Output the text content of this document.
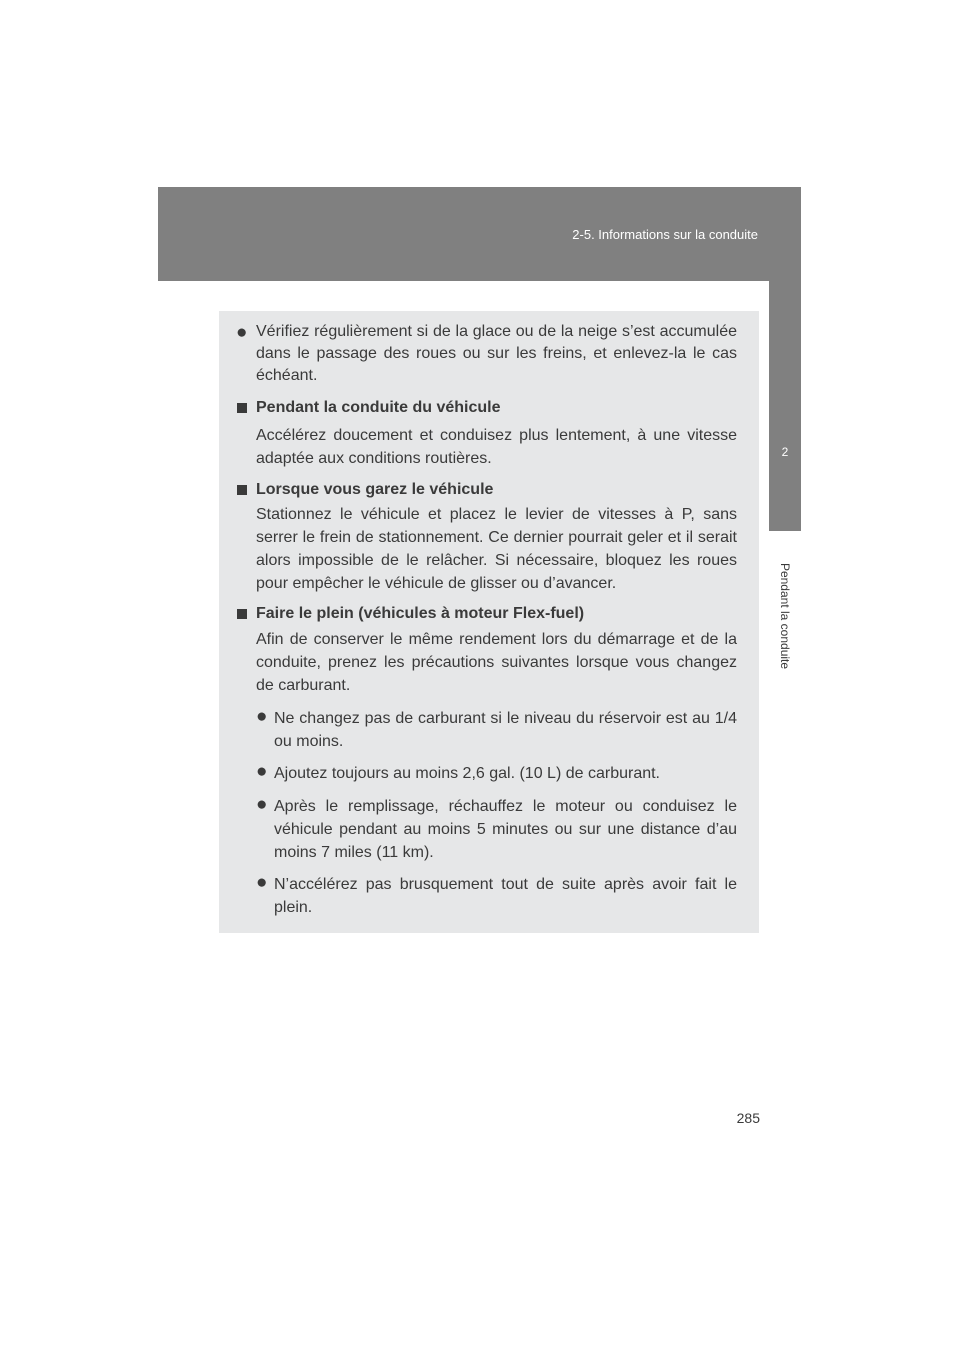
2-5. Informations sur la conduite
2
Pendant la conduite
● Vérifiez régulièrement si de la glace ou de la neige s’est accumulée dans le passage des roues ou sur les freins, et enlevez-la le cas échéant.
Pendant la conduite du véhicule
Accélérez doucement et conduisez plus lentement, à une vitesse adaptée aux conditions routières.
Lorsque vous garez le véhicule
Stationnez le véhicule et placez le levier de vitesses à P, sans serrer le frein de stationnement. Ce dernier pourrait geler et il serait alors impossible de le relâcher. Si nécessaire, bloquez les roues pour empêcher le véhicule de glisser ou d’avancer.
Faire le plein (véhicules à moteur Flex-fuel)
Afin de conserver le même rendement lors du démarrage et de la conduite, prenez les précautions suivantes lorsque vous changez de carburant.
● Ne changez pas de carburant si le niveau du réservoir est au 1/4 ou moins.
● Ajoutez toujours au moins 2,6 gal. (10 L) de carburant.
● Après le remplissage, réchauffez le moteur ou conduisez le véhicule pendant au moins 5 minutes ou sur une distance d’au moins 7 miles (11 km).
● N’accélérez pas brusquement tout de suite après avoir fait le plein.
285
